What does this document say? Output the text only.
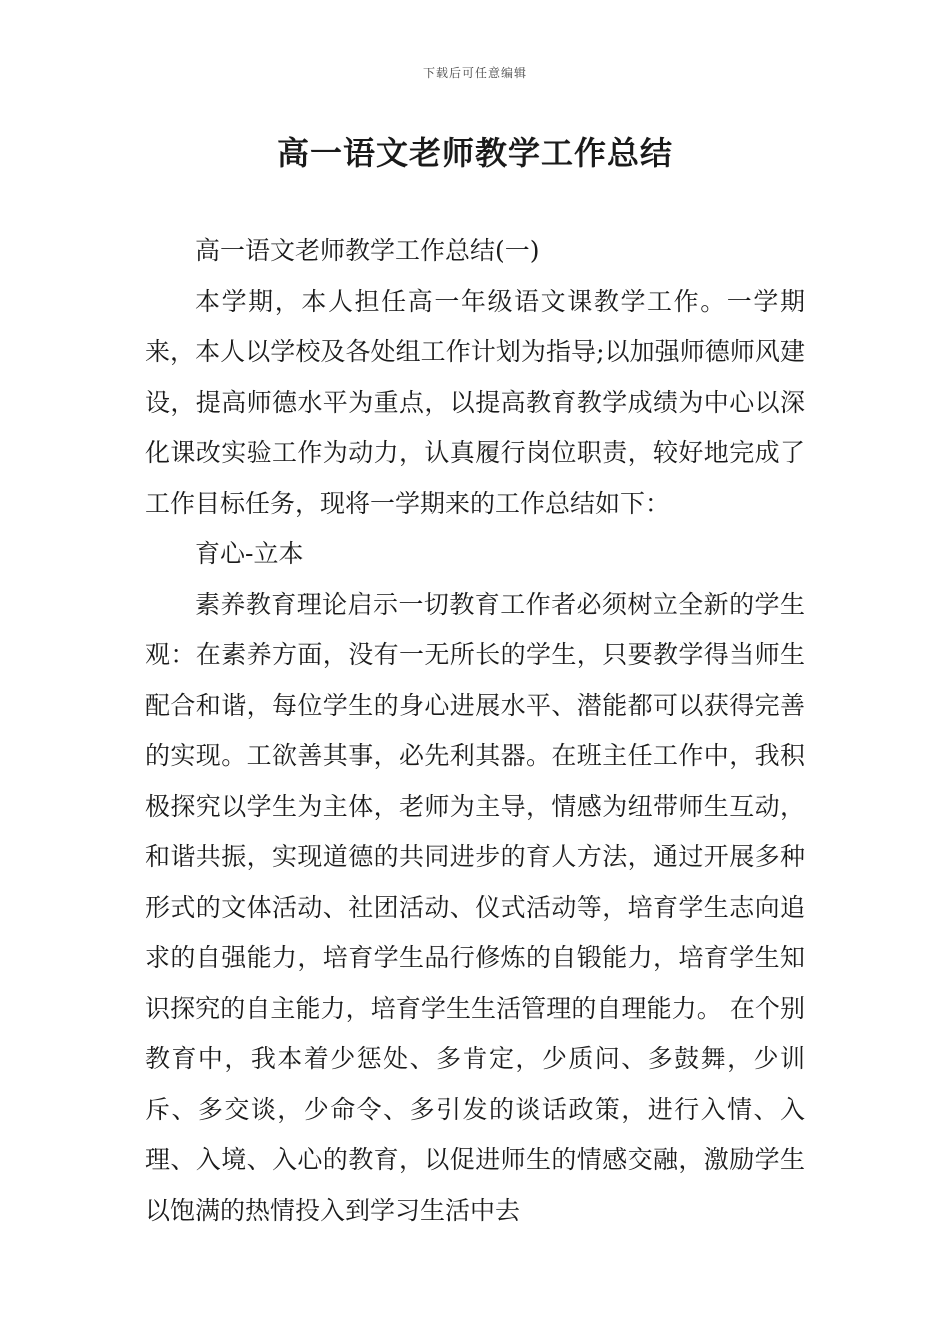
下载后可任意编辑
高一语文老师教学工作总结

高一语文老师教学工作总结(一)

本学期，本人担任高一年级语文课教学工作。一学期来，本人以学校及各处组工作计划为指导;以加强师德师风建设，提高师德水平为重点，以提高教育教学成绩为中心以深化课改实验工作为动力，认真履行岗位职责，较好地完成了工作目标任务，现将一学期来的工作总结如下：

育心-立本

素养教育理论启示一切教育工作者必须树立全新的学生观：在素养方面，没有一无所长的学生，只要教学得当师生配合和谐，每位学生的身心进展水平、潜能都可以获得完善的实现。工欲善其事，必先利其器。在班主任工作中，我积极探究以学生为主体，老师为主导，情感为纽带师生互动，和谐共振，实现道德的共同进步的育人方法，通过开展多种形式的文体活动、社团活动、仪式活动等，培育学生志向追求的自强能力，培育学生品行修炼的自锻能力，培育学生知识探究的自主能力，培育学生生活管理的自理能力。 在个别教育中，我本着少惩处、多肯定，少质问、多鼓舞，少训斥、多交谈，少命令、多引发的谈话政策，进行入情、入理、入境、入心的教育，以促进师生的情感交融，激励学生以饱满的热情投入到学习生活中去
